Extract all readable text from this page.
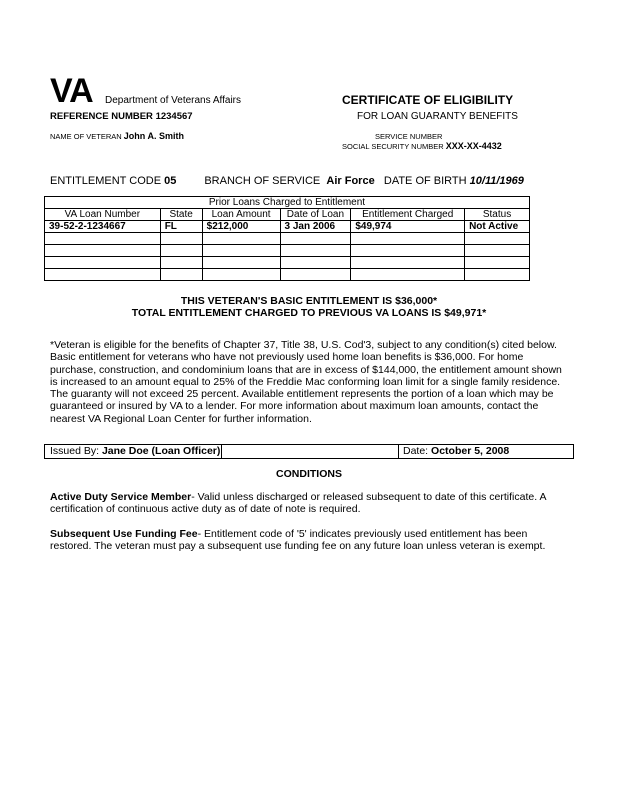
VA Department of Veterans Affairs
REFERENCE NUMBER 1234567
CERTIFICATE OF ELIGIBILITY
FOR LOAN GUARANTY BENEFITS
NAME OF VETERAN John A. Smith	SERVICE NUMBER
SOCIAL SECURITY NUMBER XXX-XX-4432
ENTITLEMENT CODE 05	BRANCH OF SERVICE Air Force DATE OF BIRTH 10/11/1969
Prior Loans Charged to Entitlement					
VA Loan Number	State	Loan Amount	Date of Loan	Entitlement Charged	Status
39-52-2-1234667	FL	$212,000	3 Jan 2006	$49,974	Not Active

THIS VETERAN'S BASIC ENTITLEMENT IS $36,000*
TOTAL ENTITLEMENT CHARGED TO PREVIOUS VA LOANS IS $49,971*
*Veteran is eligible for the benefits of Chapter 37, Title 38, U.S. Cod'3, subject to any condition(s) cited below. Basic entitlement for veterans who have not previously used home loan benefits is $36,000. For home purchase, construction, and condominium loans that are in excess of $144,000, the entitlement amount shown is increased to an amount equal to 25% of the Freddie Mac conforming loan limit for a single family residence. The guaranty will not exceed 25 percent. Available entitlement represents the portion of a loan which may be guaranteed or insured by VA to a lender. For more information about maximum loan amounts, contact the nearest VA Regional Loan Center for further information.
Issued By: Jane Doe (Loan Officer)	Date: October 5, 2008
CONDITIONS
Active Duty Service Member- Valid unless discharged or released subsequent to date of this certificate. A certification of continuous active duty as of date of note is required.
Subsequent Use Funding Fee- Entitlement code of '5' indicates previously used entitlement has been restored. The veteran must pay a subsequent use funding fee on any future loan unless veteran is exempt.
